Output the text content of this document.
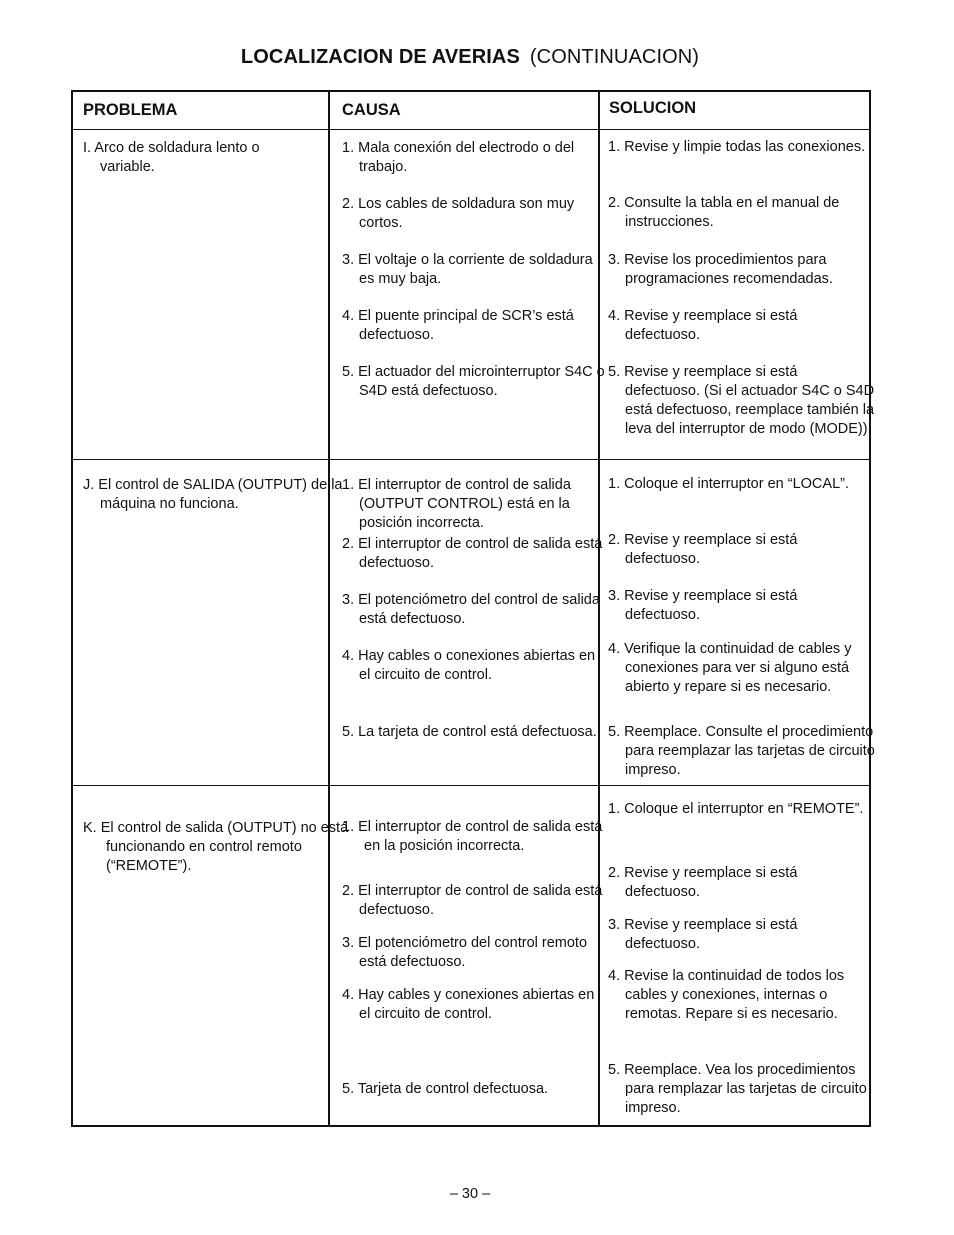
LOCALIZACION DE AVERIAS (CONTINUACION)
PROBLEMA	CAUSA	SOLUCION
I. Arco de soldadura lento o variable.
1. Mala conexión del electrodo o del trabajo.
2. Los cables de soldadura son muy cortos.
3. El voltaje o la corriente de soldadura es muy baja.
4. El puente principal de SCR’s está defectuoso.
5. El actuador del microinterruptor S4C o S4D está defectuoso.
1. Revise y limpie todas las conexiones.
2. Consulte la tabla en el manual de instrucciones.
3. Revise los procedimientos para programaciones recomendadas.
4. Revise y reemplace si está defectuoso.
5. Revise y reemplace si está defectuoso. (Si el actuador S4C o S4D está defectuoso, reemplace también la leva del interruptor de modo (MODE)).
J. El control de SALIDA (OUTPUT) de la máquina no funciona.
1. El interruptor de control de salida (OUTPUT CONTROL) está en la posición incorrecta.
2. El interruptor de control de salida está defectuoso.
3. El potenciómetro del control de salida está defectuoso.
4. Hay cables o conexiones abiertas en el circuito de control.
5. La tarjeta de control está defectuosa.
1. Coloque el interruptor en “LOCAL”.
2. Revise y reemplace si está defectuoso.
3. Revise y reemplace si está defectuoso.
4. Verifique la continuidad de cables y conexiones para ver si alguno está abierto y repare si es necesario.
5. Reemplace. Consulte el procedimiento para reemplazar las tarjetas de circuito impreso.
K. El control de salida (OUTPUT) no está funcionando en control remoto (“REMOTE”).
1. El interruptor de control de salida está en la posición incorrecta.
2. El interruptor de control de salida está defectuoso.
3. El potenciómetro del control remoto está defectuoso.
4. Hay cables y conexiones abiertas en el circuito de control.
5. Tarjeta de control defectuosa.
1. Coloque el interruptor en “REMOTE”.
2. Revise y reemplace si está defectuoso.
3. Revise y reemplace si está defectuoso.
4. Revise la continuidad de todos los cables y conexiones, internas o remotas. Repare si es necesario.
5. Reemplace. Vea los procedimientos para remplazar las tarjetas de circuito impreso.
– 30 –
